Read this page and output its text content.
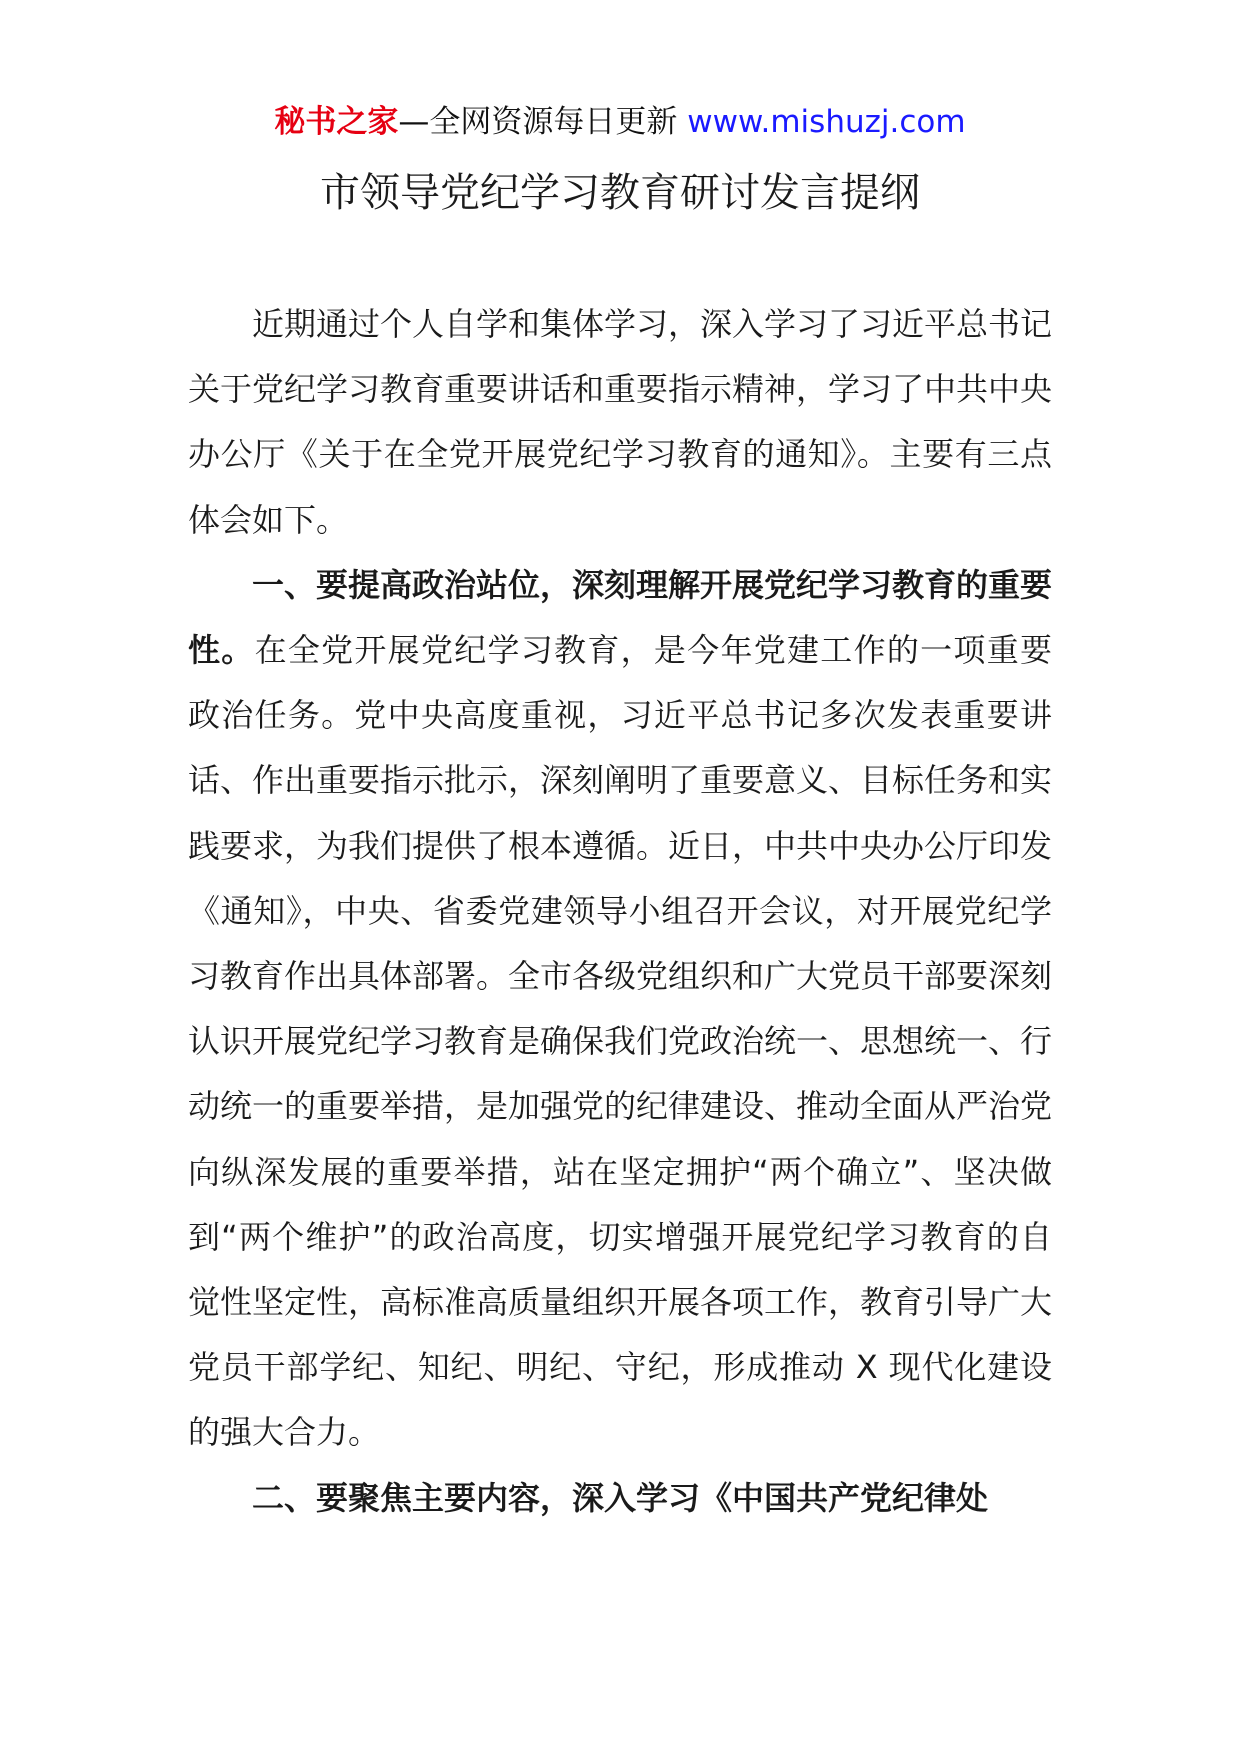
秘书之家—全网资源每日更新 www.mishuzj.com
市领导党纪学习教育研讨发言提纲

近期通过个人自学和集体学习，深入学习了习近平总书记关于党纪学习教育重要讲话和重要指示精神，学习了中共中央办公厅《关于在全党开展党纪学习教育的通知》。主要有三点体会如下。

一、要提高政治站位，深刻理解开展党纪学习教育的重要性。在全党开展党纪学习教育，是今年党建工作的一项重要政治任务。党中央高度重视，习近平总书记多次发表重要讲话、作出重要指示批示，深刻阐明了重要意义、目标任务和实践要求，为我们提供了根本遵循。近日，中共中央办公厅印发《通知》，中央、省委党建领导小组召开会议，对开展党纪学习教育作出具体部署。全市各级党组织和广大党员干部要深刻认识开展党纪学习教育是确保我们党政治统一、思想统一、行动统一的重要举措，是加强党的纪律建设、推动全面从严治党向纵深发展的重要举措，站在坚定拥护“两个确立”、坚决做到“两个维护”的政治高度，切实增强开展党纪学习教育的自觉性坚定性，高标准高质量组织开展各项工作，教育引导广大党员干部学纪、知纪、明纪、守纪，形成推动 X 现代化建设的强大合力。

二、要聚焦主要内容，深入学习《中国共产党纪律处
